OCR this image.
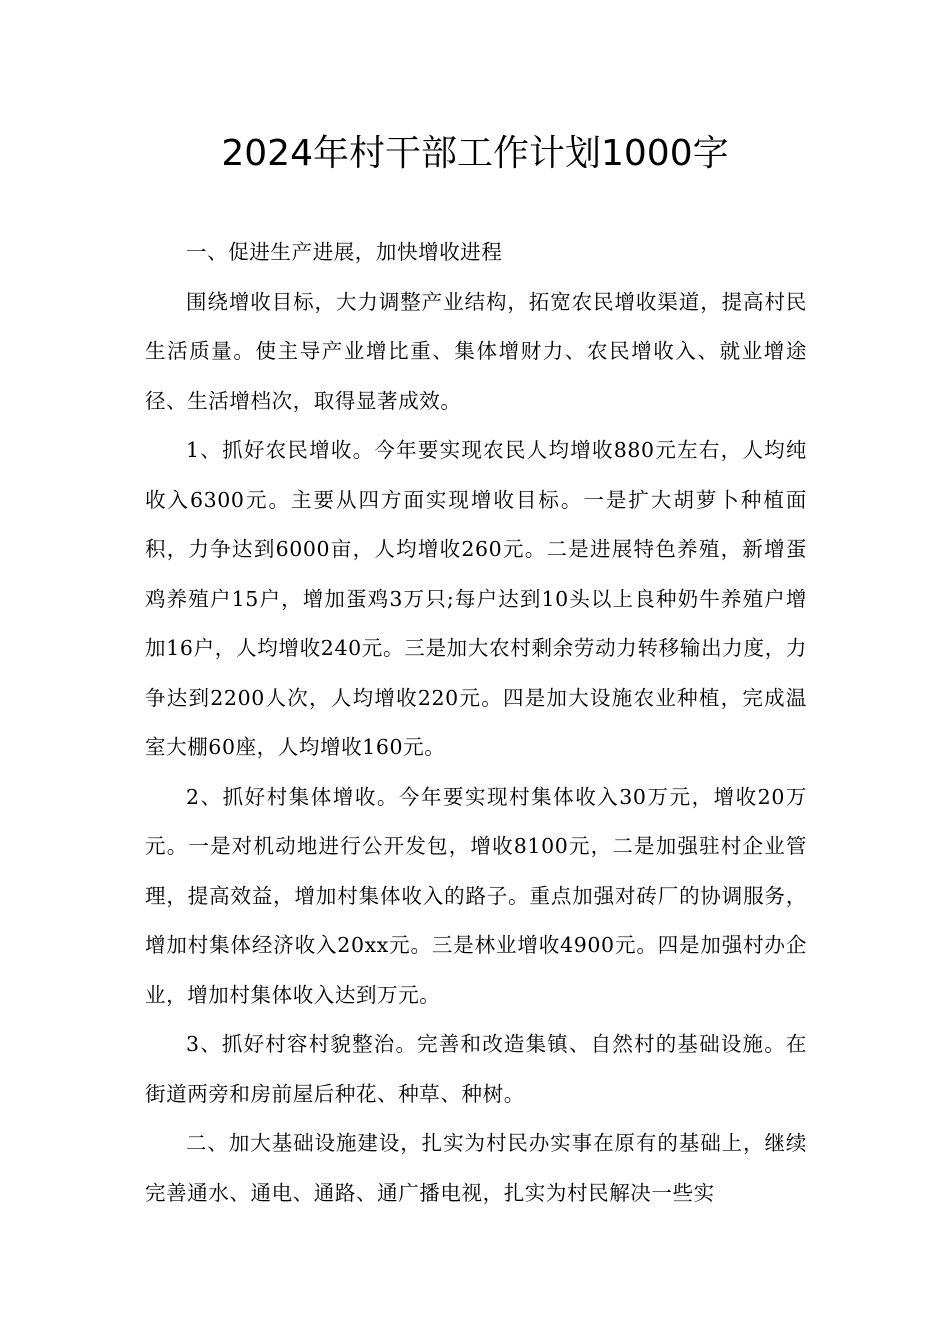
2024年村干部工作计划1000字

一、促进生产进展，加快增收进程

围绕增收目标，大力调整产业结构，拓宽农民增收渠道，提高村民生活质量。使主导产业增比重、集体增财力、农民增收入、就业增途径、生活增档次，取得显著成效。

1、抓好农民增收。今年要实现农民人均增收880元左右，人均纯收入6300元。主要从四方面实现增收目标。一是扩大胡萝卜种植面积，力争达到6000亩，人均增收260元。二是进展特色养殖，新增蛋鸡养殖户15户，增加蛋鸡3万只;每户达到10头以上良种奶牛养殖户增加16户，人均增收240元。三是加大农村剩余劳动力转移输出力度，力争达到2200人次，人均增收220元。四是加大设施农业种植，完成温室大棚60座，人均增收160元。

2、抓好村集体增收。今年要实现村集体收入30万元，增收20万元。一是对机动地进行公开发包，增收8100元，二是加强驻村企业管理，提高效益，增加村集体收入的路子。重点加强对砖厂的协调服务，增加村集体经济收入20xx元。三是林业增收4900元。四是加强村办企业，增加村集体收入达到万元。

3、抓好村容村貌整治。完善和改造集镇、自然村的基础设施。在街道两旁和房前屋后种花、种草、种树。

二、加大基础设施建设，扎实为村民办实事在原有的基础上，继续完善通水、通电、通路、通广播电视，扎实为村民解决一些实
